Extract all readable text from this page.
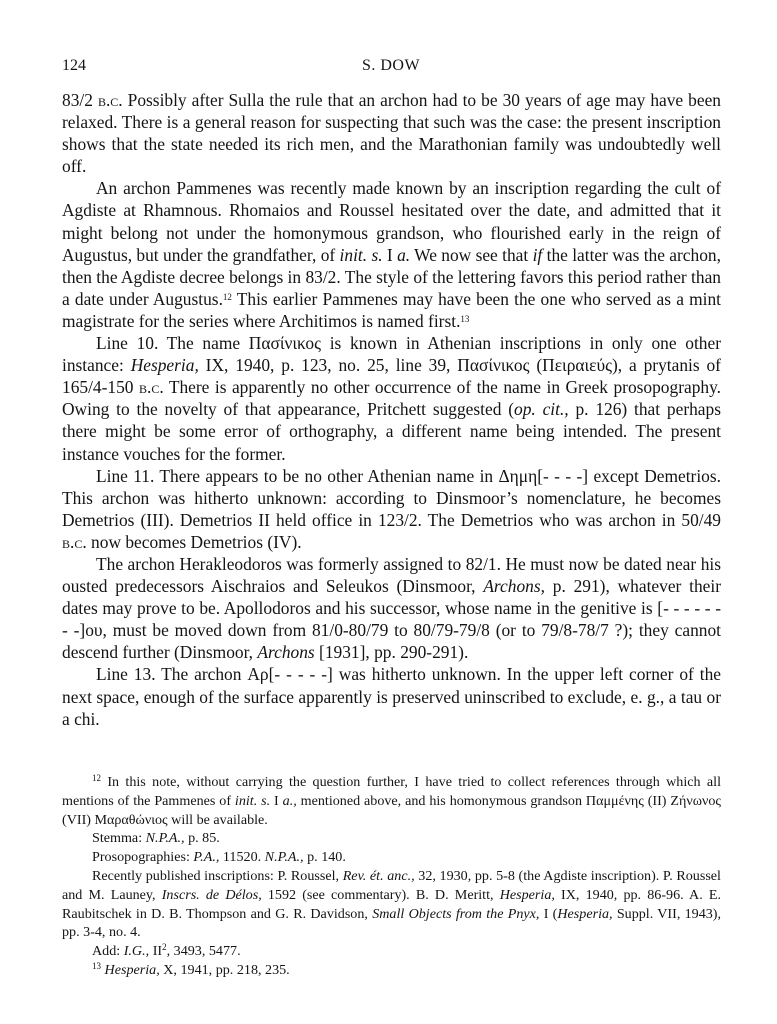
124	S. DOW

83/2 b.c. Possibly after Sulla the rule that an archon had to be 30 years of age may have been relaxed. There is a general reason for suspecting that such was the case: the present inscription shows that the state needed its rich men, and the Marathonian family was undoubtedly well off.

An archon Pammenes was recently made known by an inscription regarding the cult of Agdiste at Rhamnous. Rhomaios and Roussel hesitated over the date, and admitted that it might belong not under the homonymous grandson, who flourished early in the reign of Augustus, but under the grandfather, of init. s. I a. We now see that if the latter was the archon, then the Agdiste decree belongs in 83/2. The style of the lettering favors this period rather than a date under Augustus.$^{12}$ This earlier Pammenes may have been the one who served as a mint magistrate for the series where Architimos is named first.$^{13}$

Line 10. The name Πασίνικος is known in Athenian inscriptions in only one other instance: Hesperia, IX, 1940, p. 123, no. 25, line 39, Πασίνικος (Πειραιεύς), a prytanis of 165/4-150 b.c. There is apparently no other occurrence of the name in Greek prosopography. Owing to the novelty of that appearance, Pritchett suggested (op. cit., p. 126) that perhaps there might be some error of orthography, a different name being intended. The present instance vouches for the former.

Line 11. There appears to be no other Athenian name in Δημη[- - - -] except Demetrios. This archon was hitherto unknown: according to Dinsmoor’s nomenclature, he becomes Demetrios (III). Demetrios II held office in 123/2. The Demetrios who was archon in 50/49 b.c. now becomes Demetrios (IV).

The archon Herakleodoros was formerly assigned to 82/1. He must now be dated near his ousted predecessors Aischraios and Seleukos (Dinsmoor, Archons, p. 291), whatever their dates may prove to be. Apollodoros and his successor, whose name in the genitive is [- - - - - - - -]ου, must be moved down from 81/0-80/79 to 80/79-79/8 (or to 79/8-78/7 ?); they cannot descend further (Dinsmoor, Archons [1931], pp. 290-291).

Line 13. The archon Αρ[- - - - -] was hitherto unknown. In the upper left corner of the next space, enough of the surface apparently is preserved uninscribed to exclude, e. g., a tau or a chi.

$^{12}$ In this note, without carrying the question further, I have tried to collect references through which all mentions of the Pammenes of init. s. I a., mentioned above, and his homonymous grandson Παμμένης (II) Ζήνωνος (VII) Μαραθώνιος will be available.

Stemma: N.P.A., p. 85.

Prosopographies: P.A., 11520. N.P.A., p. 140.

Recently published inscriptions: P. Roussel, Rev. ét. anc., 32, 1930, pp. 5-8 (the Agdiste inscription). P. Roussel and M. Launey, Inscrs. de Délos, 1592 (see commentary). B. D. Meritt, Hesperia, IX, 1940, pp. 86-96. A. E. Raubitschek in D. B. Thompson and G. R. Davidson, Small Objects from the Pnyx, I (Hesperia, Suppl. VII, 1943), pp. 3-4, no. 4.

Add: I.G., $II^2$, 3493, 5477.

$^{13}$ Hesperia, X, 1941, pp. 218, 235.
